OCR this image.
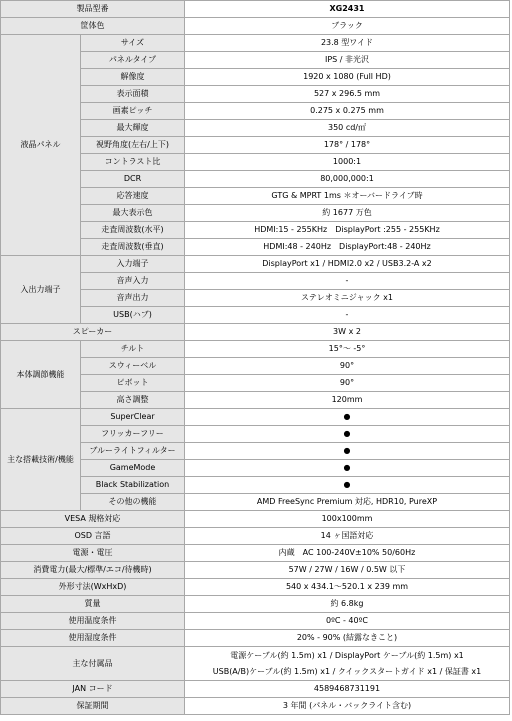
製品型番		XG2431
筐体色		ブラック
液晶パネル	サイズ	23.8 型ワイド
	パネルタイプ	IPS / 非光沢
	解像度	1920 x 1080 (Full HD)
	表示面積	527 x 296.5 mm
	画素ピッチ	0.275 x 0.275 mm
	最大輝度	350 cd/㎡
	視野角度(左右/上下)	178° / 178°
	コントラスト比	1000:1
	DCR	80,000,000:1
	応答速度	GTG & MPRT 1ms ＊オーバードライブ時
	最大表示色	約 1677 万色
	走査周波数(水平)	HDMI:15 - 255KHz　DisplayPort :255 - 255KHz
	走査周波数(垂直)	HDMI:48 - 240Hz　DisplayPort:48 - 240Hz
入出力端子	入力端子	DisplayPort x1 / HDMI2.0 x2 / USB3.2-A x2
	音声入力	-
	音声出力	ステレオミニジャック x1
	USB(ハブ)	-
スピーカー		3W x 2
本体調節機能	チルト	15°～ -5°
	スウィーベル	90°
	ピボット	90°
	高さ調整	120mm
主な搭載技術/機能	SuperClear	●
	フリッカーフリー	●
	ブルーライトフィルター	●
	GameMode	●
	Black Stabilization	●
	その他の機能	AMD FreeSync Premium 対応, HDR10, PureXP
VESA 規格対応		100x100mm
OSD 言語		14 ヶ国語対応
電源・電圧		内蔵　AC 100-240V±10% 50/60Hz
消費電力(最大/標準/エコ/待機時)		57W / 27W / 16W / 0.5W 以下
外形寸法(WxHxD)		540 x 434.1～520.1 x 239 mm
質量		約 6.8kg
使用温度条件		0ºC - 40ºC
使用湿度条件		20% - 90% (結露なきこと)
主な付属品		電源ケーブル(約 1.5m) x1 / DisplayPort ケーブル(約 1.5m) x1
USB(A/B)ケーブル(約 1.5m) x1 / クイックスタートガイド x1 / 保証書 x1

JAN コード		4589468731191
保証期間		3 年間 (パネル・バックライト含む)
